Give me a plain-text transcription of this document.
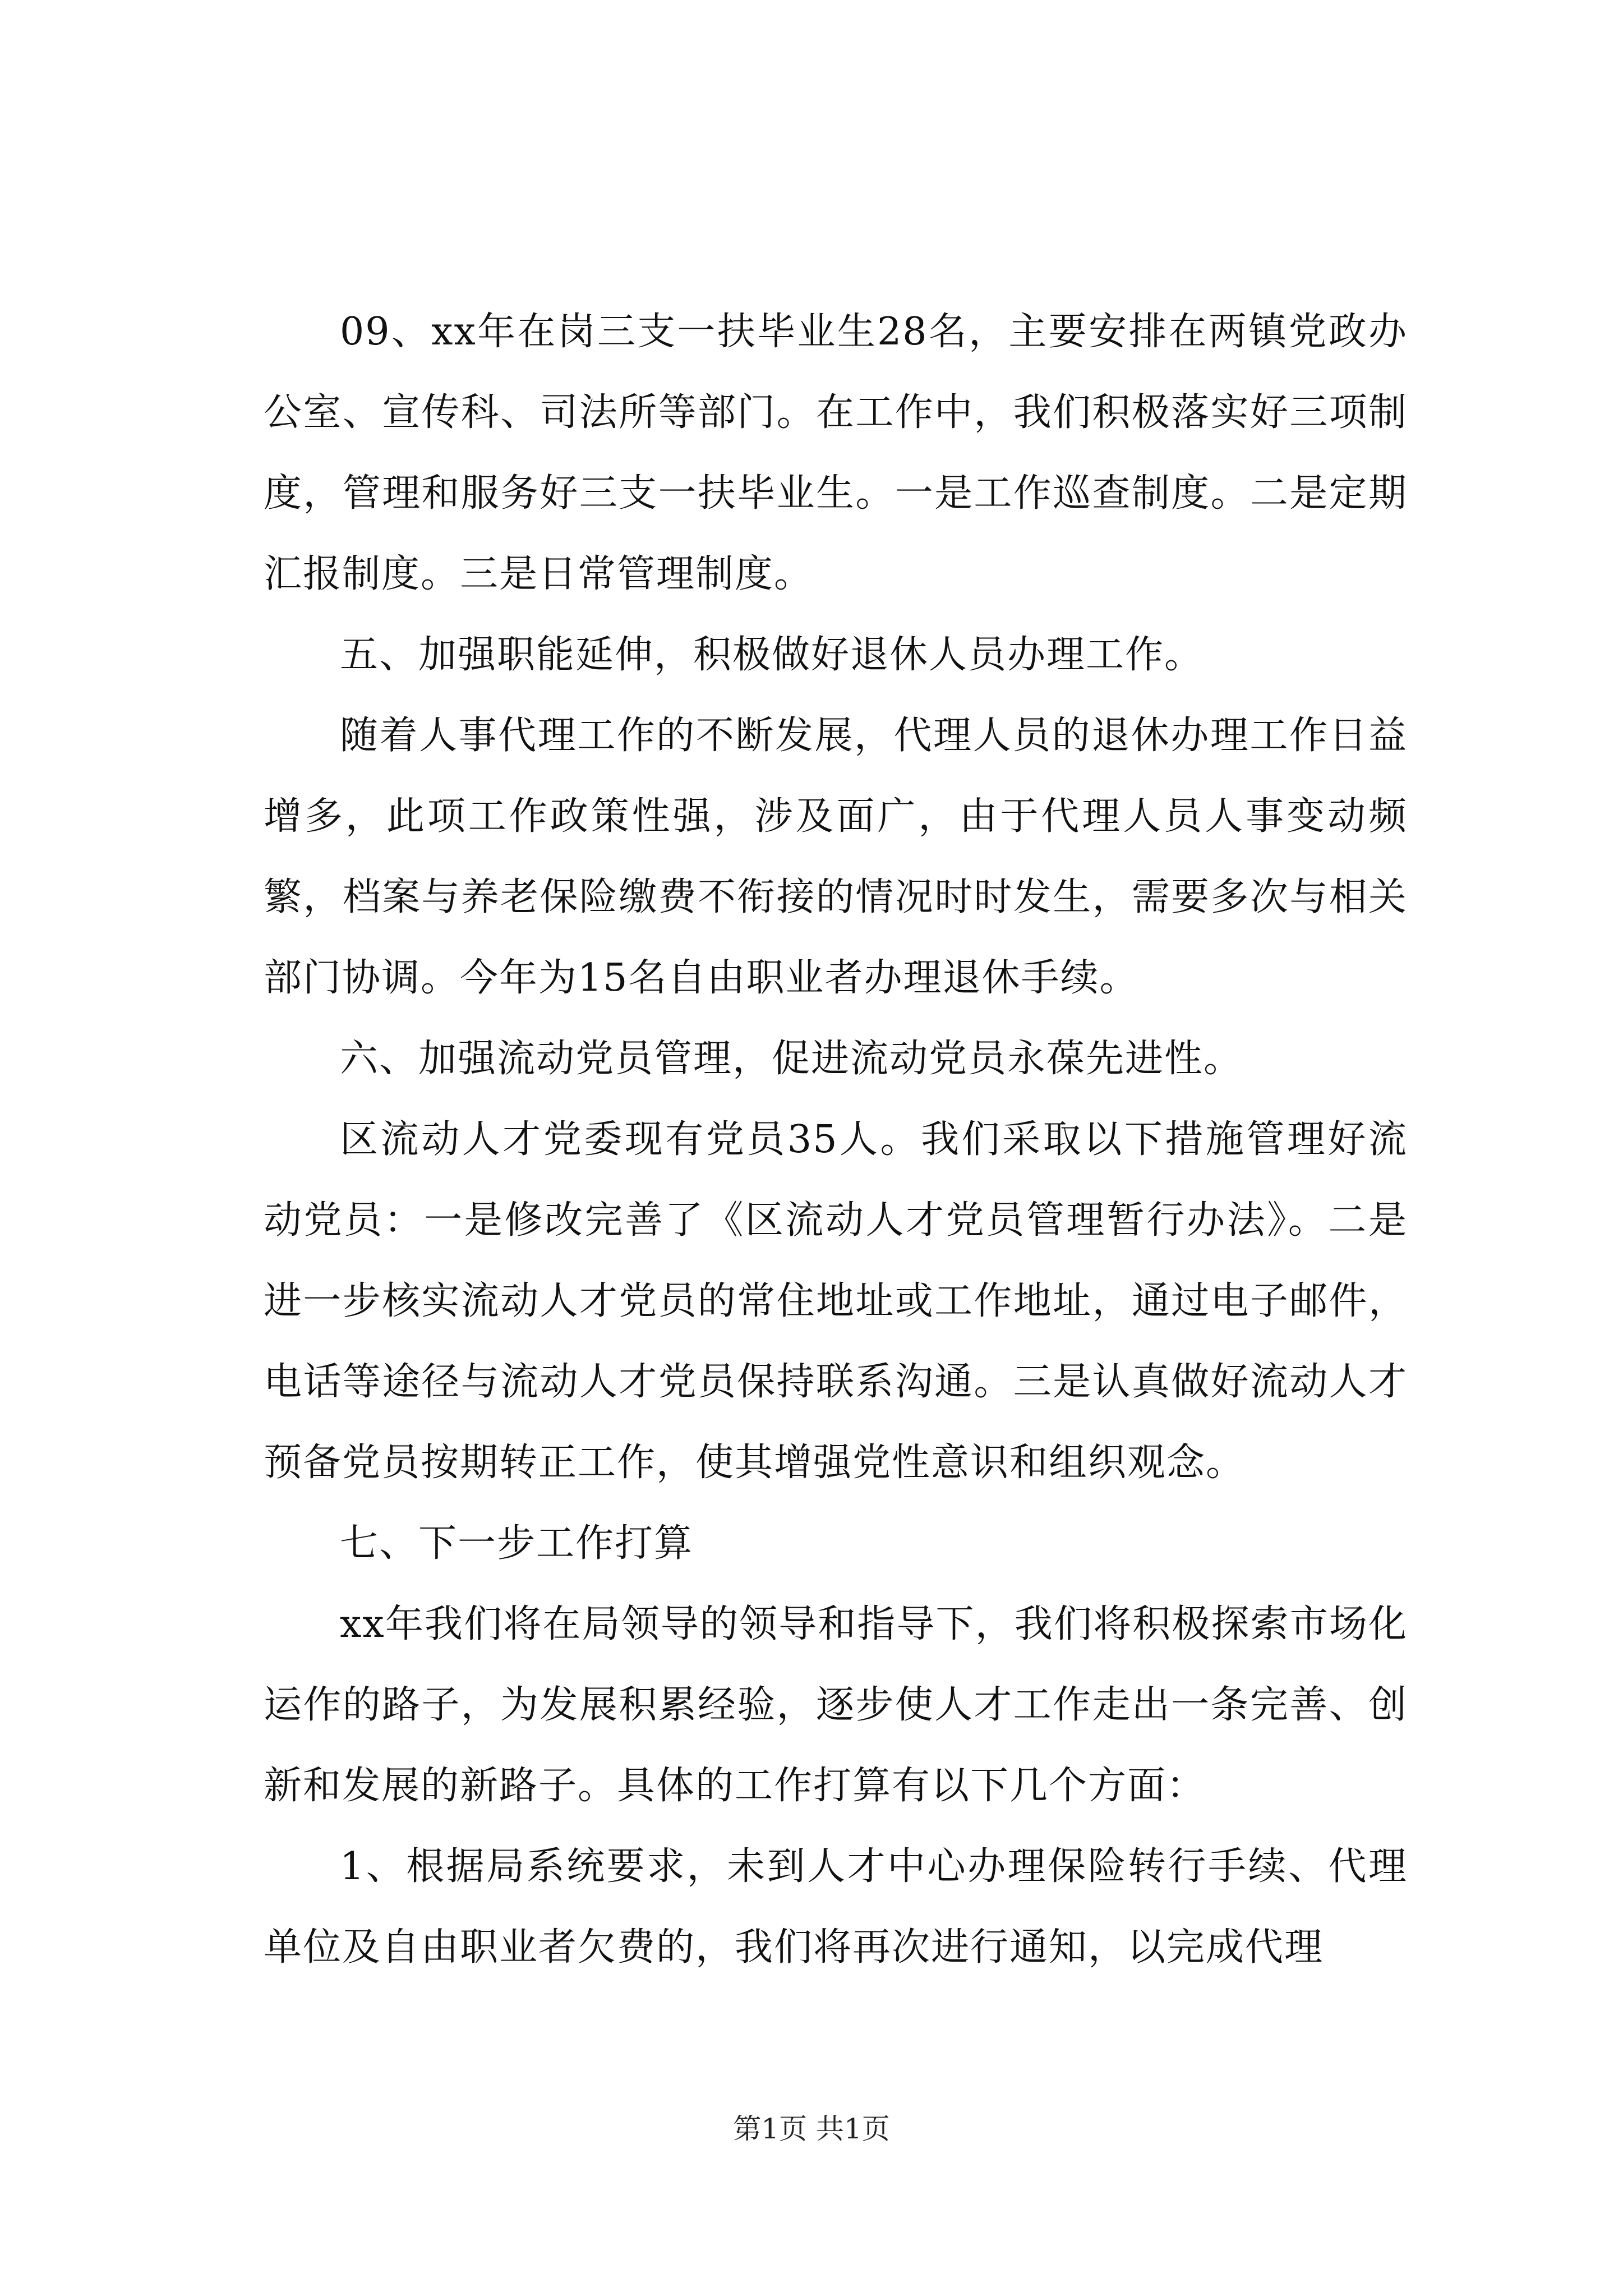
09、xx年在岗三支一扶毕业生28名，主要安排在两镇党政办公室、宣传科、司法所等部门。在工作中，我们积极落实好三项制度，管理和服务好三支一扶毕业生。一是工作巡查制度。二是定期汇报制度。三是日常管理制度。

五、加强职能延伸，积极做好退休人员办理工作。

随着人事代理工作的不断发展，代理人员的退休办理工作日益增多，此项工作政策性强，涉及面广，由于代理人员人事变动频繁，档案与养老保险缴费不衔接的情况时时发生，需要多次与相关部门协调。今年为15名自由职业者办理退休手续。

六、加强流动党员管理，促进流动党员永葆先进性。

区流动人才党委现有党员35人。我们采取以下措施管理好流动党员：一是修改完善了《区流动人才党员管理暂行办法》。二是进一步核实流动人才党员的常住地址或工作地址，通过电子邮件，电话等途径与流动人才党员保持联系沟通。三是认真做好流动人才预备党员按期转正工作，使其增强党性意识和组织观念。

七、下一步工作打算

xx年我们将在局领导的领导和指导下，我们将积极探索市场化运作的路子，为发展积累经验，逐步使人才工作走出一条完善、创新和发展的新路子。具体的工作打算有以下几个方面：

1、根据局系统要求，未到人才中心办理保险转行手续、代理单位及自由职业者欠费的，我们将再次进行通知，以完成代理

第1页 共1页
